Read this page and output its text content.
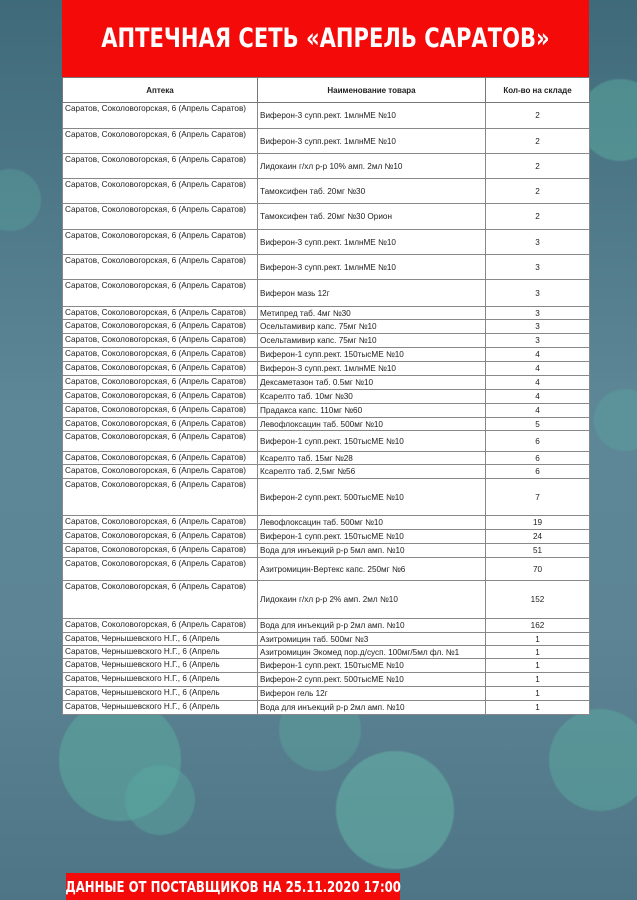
АПТЕЧНАЯ СЕТЬ «АПРЕЛЬ САРАТОВ»
Аптека	Наименование товара	Кол-во на складе
Саратов, Соколовогорская, 6 (Апрель Саратов)	Виферон-3 супп.рект. 1млнМЕ №10	2
Саратов, Соколовогорская, 6 (Апрель Саратов)	Виферон-3 супп.рект. 1млнМЕ №10	2
Саратов, Соколовогорская, 6 (Апрель Саратов)	Лидокаин г/хл р-р 10% амп. 2мл №10	2
Саратов, Соколовогорская, 6 (Апрель Саратов)	Тамоксифен таб. 20мг №30	2
Саратов, Соколовогорская, 6 (Апрель Саратов)	Тамоксифен таб. 20мг №30 Орион	2
Саратов, Соколовогорская, 6 (Апрель Саратов)	Виферон-3 супп.рект. 1млнМЕ №10	3
Саратов, Соколовогорская, 6 (Апрель Саратов)	Виферон-3 супп.рект. 1млнМЕ №10	3
Саратов, Соколовогорская, 6 (Апрель Саратов)	Виферон мазь 12г	3
Саратов, Соколовогорская, 6 (Апрель Саратов)	Метипред таб. 4мг №30	3
Саратов, Соколовогорская, 6 (Апрель Саратов)	Осельтамивир капс. 75мг №10	3
Саратов, Соколовогорская, 6 (Апрель Саратов)	Осельтамивир капс. 75мг №10	3
Саратов, Соколовогорская, 6 (Апрель Саратов)	Виферон-1 супп.рект. 150тысМЕ №10	4
Саратов, Соколовогорская, 6 (Апрель Саратов)	Виферон-3 супп.рект. 1млнМЕ №10	4
Саратов, Соколовогорская, 6 (Апрель Саратов)	Дексаметазон таб. 0.5мг №10	4
Саратов, Соколовогорская, 6 (Апрель Саратов)	Ксарелто таб. 10мг №30	4
Саратов, Соколовогорская, 6 (Апрель Саратов)	Прадакса капс. 110мг №60	4
Саратов, Соколовогорская, 6 (Апрель Саратов)	Левофлоксацин таб. 500мг №10	5
Саратов, Соколовогорская, 6 (Апрель Саратов)	Виферон-1 супп.рект. 150тысМЕ №10	6
Саратов, Соколовогорская, 6 (Апрель Саратов)	Ксарелто таб. 15мг №28	6
Саратов, Соколовогорская, 6 (Апрель Саратов)	Ксарелто таб. 2,5мг №56	6
Саратов, Соколовогорская, 6 (Апрель Саратов)	Виферон-2 супп.рект. 500тысМЕ №10	7
Саратов, Соколовогорская, 6 (Апрель Саратов)	Левофлоксацин таб. 500мг №10	19
Саратов, Соколовогорская, 6 (Апрель Саратов)	Виферон-1 супп.рект. 150тысМЕ №10	24
Саратов, Соколовогорская, 6 (Апрель Саратов)	Вода для инъекций р-р 5мл амп. №10	51
Саратов, Соколовогорская, 6 (Апрель Саратов)	Азитромицин-Вертекс капс. 250мг №6	70
Саратов, Соколовогорская, 6 (Апрель Саратов)	Лидокаин г/хл р-р 2% амп. 2мл №10	152
Саратов, Соколовогорская, 6 (Апрель Саратов)	Вода для инъекций р-р 2мл амп. №10	162
Саратов, Чернышевского Н.Г., 6 (Апрель	Азитромицин таб. 500мг №3	1
Саратов, Чернышевского Н.Г., 6 (Апрель	Азитромицин Экомед пор.д/сусп. 100мг/5мл фл. №1	1
Саратов, Чернышевского Н.Г., 6 (Апрель	Виферон-1 супп.рект. 150тысМЕ №10	1
Саратов, Чернышевского Н.Г., 6 (Апрель	Виферон-2 супп.рект. 500тысМЕ №10	1
Саратов, Чернышевского Н.Г., 6 (Апрель	Виферон гель 12г	1
Саратов, Чернышевского Н.Г., 6 (Апрель	Вода для инъекций р-р 2мл амп. №10	1
ДАННЫЕ ОТ ПОСТАВЩИКОВ НА 25.11.2020 17:00
